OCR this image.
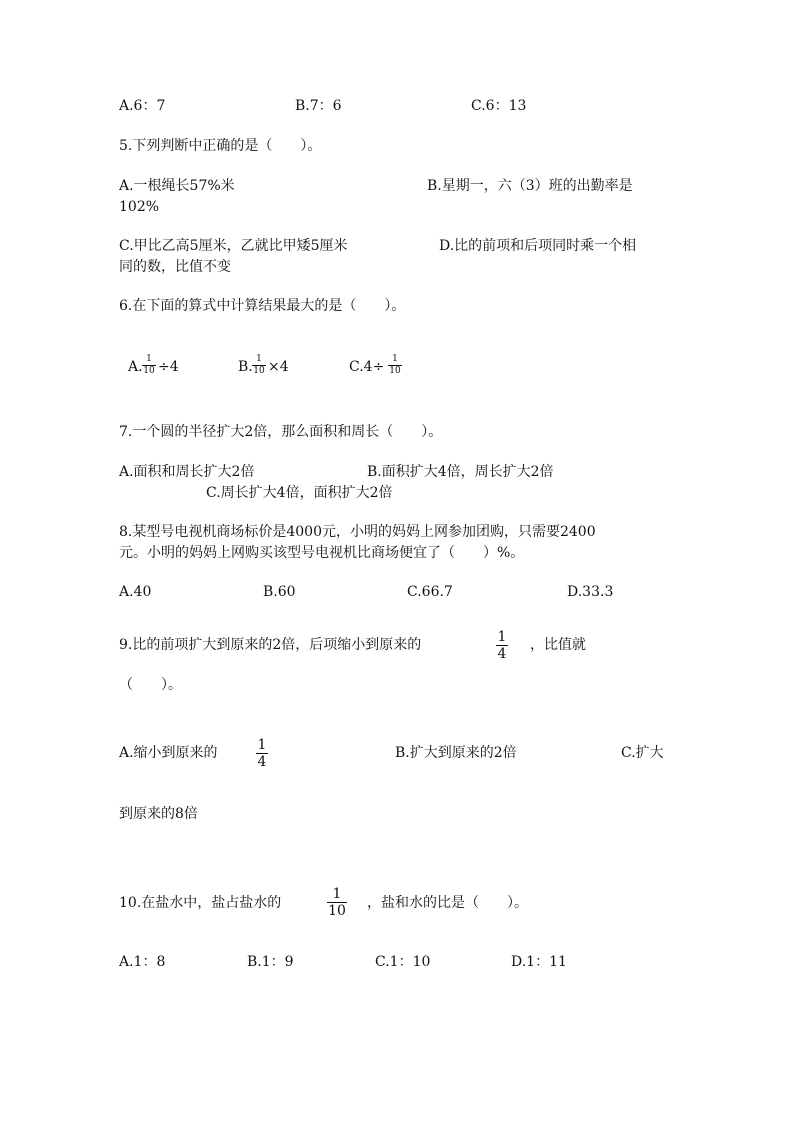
A.6：7	B.7：6	C.6：13
5.下列判断中正确的是（　　）。
A.一根绳长57%米	B.星期一，六（3）班的出勤率是
102%
C.甲比乙高5厘米，乙就比甲矮5厘米	D.比的前项和后项同时乘一个相
同的数，比值不变
6.在下面的算式中计算结果最大的是（　　）。
A. 1
10 ÷4	B. 1
10 ×4	C.4÷ 1
10
7.一个圆的半径扩大2倍，那么面积和周长（　　）。
A.面积和周长扩大2倍	B.面积扩大4倍，周长扩大2倍
C.周长扩大4倍，面积扩大2倍
8.某型号电视机商场标价是4000元，小明的妈妈上网参加团购，只需要2400
元。小明的妈妈上网购买该型号电视机比商场便宜了（　　）%。
A.40	B.60	C.66.7	D.33.3
9.比的前项扩大到原来的2倍，后项缩小到原来的	1
4
，比值就
（　　）。
A.缩小到原来的	1
4
B.扩大到原来的2倍	C.扩大
到原来的8倍
10.在盐水中，盐占盐水的
1
10 ，盐和水的比是（　　）。
A.1：8	B.1：9	C.1：10	D.1：11
